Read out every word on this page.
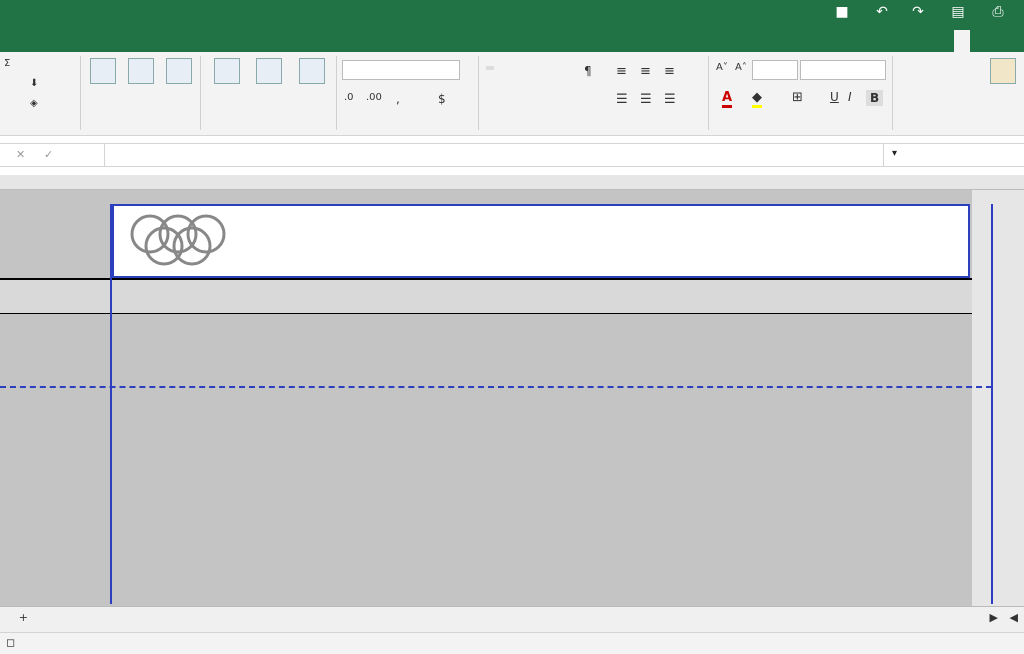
■ ↶ ↷ ▤	⎙
A˄
A˅
B
I
U
⊞
◆
A
≡
≡
≡
¶
☰
☰
☰
$
,
.00
.0
Σ
⬇
◈
✕ ✓	▾
◀
▶
+
◻
